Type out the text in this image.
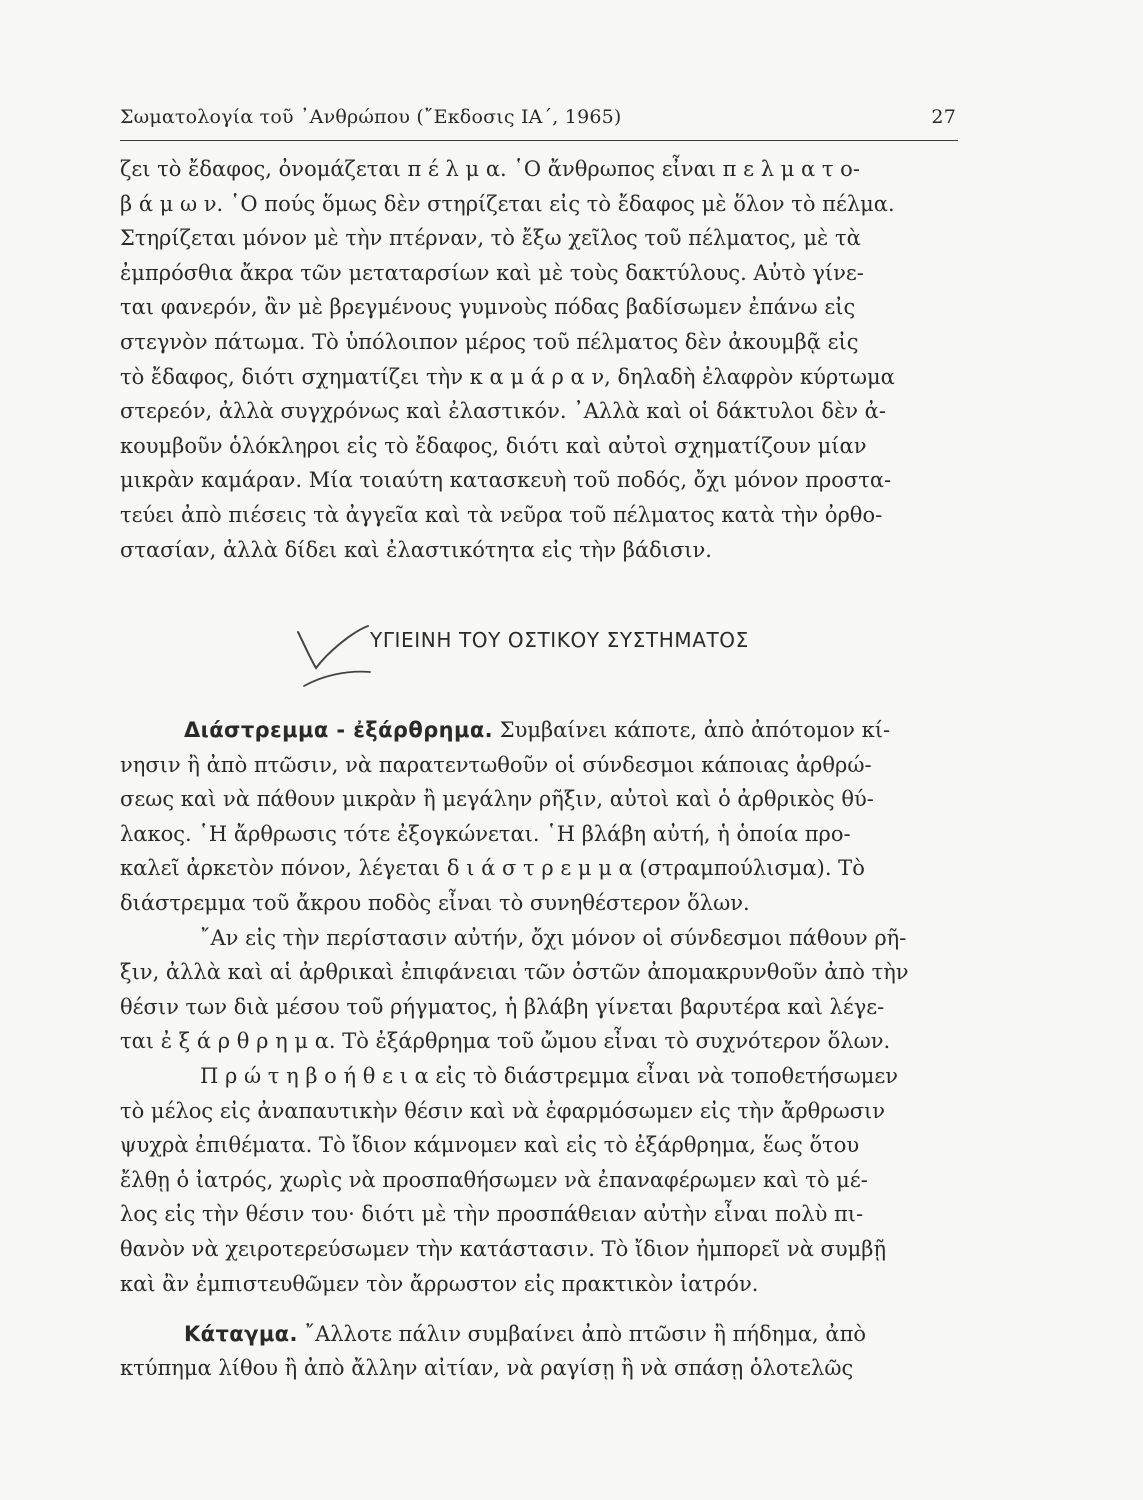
Σωματολογία τοῦ ᾿Ανθρώπου (῎Εκδοσις ΙΑ΄, 1965)	27

ζει τὸ ἔδαφος, ὀνομάζεται π έ λ μ α. ῾Ο ἄνθρωπος εἶναι π ε λ μ α τ ο-

β ά μ ω ν. ῾Ο πούς ὅμως δὲν στηρίζεται εἰς τὸ ἔδαφος μὲ ὅλον τὸ πέλμα.

Στηρίζεται μόνον μὲ τὴν πτέρναν, τὸ ἔξω χεῖλος τοῦ πέλματος, μὲ τὰ

ἐμπρόσθια ἄκρα τῶν μεταταρσίων καὶ μὲ τοὺς δακτύλους. Αὐτὸ γίνε-

ται φανερόν, ἂν μὲ βρεγμένους γυμνοὺς πόδας βαδίσωμεν ἐπάνω εἰς

στεγνὸν πάτωμα. Τὸ ὑπόλοιπον μέρος τοῦ πέλματος δὲν ἀκουμβᾷ εἰς

τὸ ἔδαφος, διότι σχηματίζει τὴν κ α μ ά ρ α ν, δηλαδὴ ἐλαφρὸν κύρτωμα

στερεόν, ἀλλὰ συγχρόνως καὶ ἐλαστικόν. ᾿Αλλὰ καὶ οἱ δάκτυλοι δὲν ἀ-

κουμβοῦν ὁλόκληροι εἰς τὸ ἔδαφος, διότι καὶ αὐτοὶ σχηματίζουν μίαν

μικρὰν καμάραν. Μία τοιαύτη κατασκευὴ τοῦ ποδός, ὄχι μόνον προστα-

τεύει ἀπὸ πιέσεις τὰ ἀγγεῖα καὶ τὰ νεῦρα τοῦ πέλματος κατὰ τὴν ὀρθο-

στασίαν, ἀλλὰ δίδει καὶ ἐλαστικότητα εἰς τὴν βάδισιν.

ΥΓΙΕΙΝΗ ΤΟΥ ΟΣΤΙΚΟΥ ΣΥΣΤΗΜΑΤΟΣ

Διάστρεμμα - ἐξάρθρημα. Συμβαίνει κάποτε, ἀπὸ ἀπότομον κί-

νησιν ἢ ἀπὸ πτῶσιν, νὰ παρατεντωθοῦν οἱ σύνδεσμοι κάποιας ἀρθρώ-

σεως καὶ νὰ πάθουν μικρὰν ἢ μεγάλην ρῆξιν, αὐτοὶ καὶ ὁ ἀρθρικὸς θύ-

λακος. ῾Η ἄρθρωσις τότε ἐξογκώνεται. ῾Η βλάβη αὐτή, ἡ ὁποία προ-

καλεῖ ἀρκετὸν πόνον, λέγεται δ ι ά σ τ ρ ε μ μ α (στραμπούλισμα). Τὸ

διάστρεμμα τοῦ ἄκρου ποδὸς εἶναι τὸ συνηθέστερον ὅλων.

῎Αν εἰς τὴν περίστασιν αὐτήν, ὄχι μόνον οἱ σύνδεσμοι πάθουν ρῆ-

ξιν, ἀλλὰ καὶ αἱ ἀρθρικαὶ ἐπιφάνειαι τῶν ὀστῶν ἀπομακρυνθοῦν ἀπὸ τὴν

θέσιν των διὰ μέσου τοῦ ρήγματος, ἡ βλάβη γίνεται βαρυτέρα καὶ λέγε-

ται ἐ ξ ά ρ θ ρ η μ α. Τὸ ἐξάρθρημα τοῦ ὤμου εἶναι τὸ συχνότερον ὅλων.

Π ρ ώ τ η β ο ή θ ε ι α εἰς τὸ διάστρεμμα εἶναι νὰ τοποθετήσωμεν

τὸ μέλος εἰς ἀναπαυτικὴν θέσιν καὶ νὰ ἐφαρμόσωμεν εἰς τὴν ἄρθρωσιν

ψυχρὰ ἐπιθέματα. Τὸ ἴδιον κάμνομεν καὶ εἰς τὸ ἐξάρθρημα, ἕως ὅτου

ἔλθῃ ὁ ἰατρός, χωρὶς νὰ προσπαθήσωμεν νὰ ἐπαναφέρωμεν καὶ τὸ μέ-

λος εἰς τὴν θέσιν του· διότι μὲ τὴν προσπάθειαν αὐτὴν εἶναι πολὺ πι-

θανὸν νὰ χειροτερεύσωμεν τὴν κατάστασιν. Τὸ ἴδιον ἠμπορεῖ νὰ συμβῇ

καὶ ἂν ἐμπιστευθῶμεν τὸν ἄρρωστον εἰς πρακτικὸν ἰατρόν.

Κάταγμα. ῎Αλλοτε πάλιν συμβαίνει ἀπὸ πτῶσιν ἢ πήδημα, ἀπὸ

κτύπημα λίθου ἢ ἀπὸ ἄλλην αἰτίαν, νὰ ραγίσῃ ἢ νὰ σπάσῃ ὁλοτελῶς
